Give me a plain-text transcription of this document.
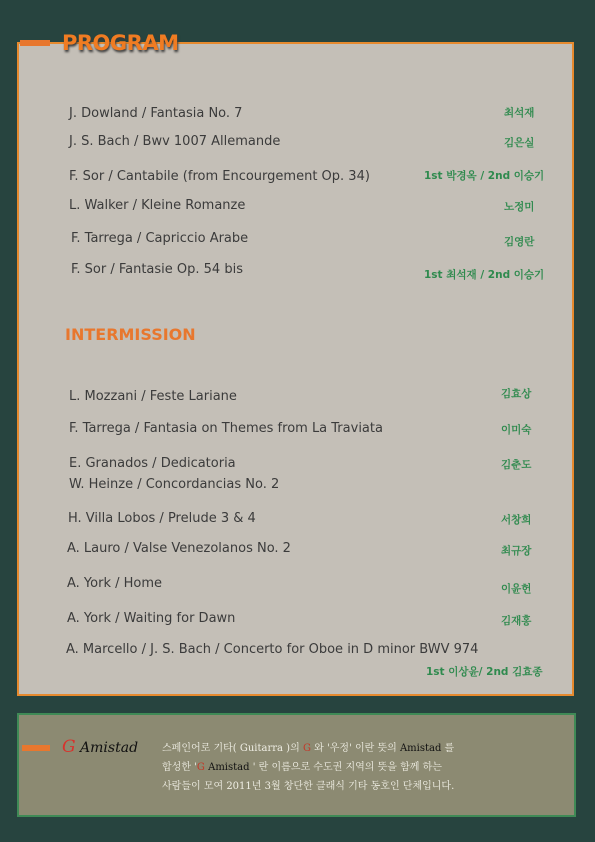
PROGRAM
J. Dowland / Fantasia No. 7	최석재
J. S. Bach / Bwv 1007 Allemande	김은실
F. Sor / Cantabile (from Encourgement Op. 34)	1st 박경옥 / 2nd 이승기
L. Walker / Kleine Romanze	노정미
F. Tarrega / Capriccio Arabe	김영란
F. Sor / Fantasie Op. 54 bis	1st 최석재 / 2nd 이승기
INTERMISSION
L. Mozzani / Feste Lariane	김효상
F. Tarrega / Fantasia on Themes from La Traviata	이미숙
E. Granados / Dedicatoria	김춘도
W. Heinze / Concordancias No. 2
H. Villa Lobos / Prelude 3 & 4	서창희
A. Lauro / Valse Venezolanos No. 2	최규장
A. York / Home	이윤헌
A. York / Waiting for Dawn	김재홍
A. Marcello / J. S. Bach / Concerto for Oboe in D minor BWV 974
1st 이상윤/ 2nd 김효종
G Amistad 스페인어로 기타( Guitarra )의 G 와 '우정' 이란 뜻의 Amistad 를
합성한 'G Amistad ' 란 이름으로 수도권 지역의 뜻을 함께 하는
사람들이 모여 2011년 3월 창단한 클래식 기타 동호인 단체입니다.
